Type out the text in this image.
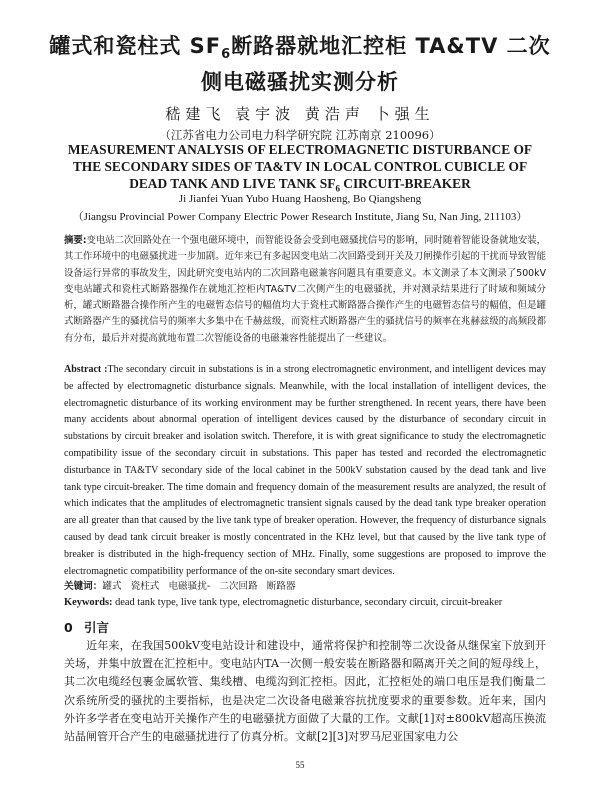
罐式和瓷柱式 $SF_6$断路器就地汇控柜 TA&TV 二次
侧电磁骚扰实测分析
嵇建飞 袁宇波 黄浩声 卜强生
（江苏省电力公司电力科学研究院 江苏南京 210096）
MEASUREMENT ANALYSIS OF ELECTROMAGNETIC DISTURBANCE OF
THE SECONDARY SIDES OF TA&TV IN LOCAL CONTROL CUBICLE OF
DEAD TANK AND LIVE TANK $SF_6$ CIRCUIT-BREAKER
Ji Jianfei Yuan Yubo Huang Haosheng, Bo Qiangsheng
（Jiangsu Provincial Power Company Electric Power Research Institute, Jiang Su, Nan Jing, 211103）
摘要:变电站二次回路处在一个强电磁环境中，而智能设备会受到电磁骚扰信号的影响，同时随着智能设备就地安装，其工作环境中的电磁骚扰进一步加剧。近年来已有多起因变电站二次回路受到开关及刀闸操作引起的干扰而导致智能设备运行异常的事故发生，因此研究变电站内的二次回路电磁兼容问题具有重要意义。本文测录了本文测录了500kV变电站罐式和瓷柱式断路器操作在就地汇控柜内TA&TV二次侧产生的电磁骚扰，并对测录结果进行了时域和频域分析，罐式断路器合操作所产生的电磁暂态信号的幅值均大于瓷柱式断路器合操作产生的电磁暂态信号的幅值，但是罐式断路器产生的骚扰信号的频率大多集中在千赫兹级，而瓷柱式断路器产生的骚扰信号的频率在兆赫兹级的高频段都有分布，最后并对提高就地布置二次智能设备的电磁兼容性能提出了一些建议。
Abstract :The secondary circuit in substations is in a strong electromagnetic environment, and intelligent devices may be affected by electromagnetic disturbance signals. Meanwhile, with the local installation of intelligent devices, the electromagnetic disturbance of its working environment may be further strengthened. In recent years, there have been many accidents about abnormal operation of intelligent devices caused by the disturbance of secondary circuit in substations by circuit breaker and isolation switch. Therefore, it is with great significance to study the electromagnetic compatibility issue of the secondary circuit in substations. This paper has tested and recorded the electromagnetic disturbance in TA&TV secondary side of the local cabinet in the 500kV substation caused by the dead tank and live tank type circuit-breaker. The time domain and frequency domain of the measurement results are analyzed, the result of which indicates that the amplitudes of electromagnetic transient signals caused by the dead tank type breaker operation are all greater than that caused by the live tank type of breaker operation. However, the frequency of disturbance signals caused by dead tank circuit breaker is mostly concentrated in the KHz level, but that caused by the live tank type of breaker is distributed in the high-frequency section of MHz. Finally, some suggestions are proposed to improve the electromagnetic compatibility performance of the on-site secondary smart devices.
关键词：罐式 瓷柱式 电磁骚扰- 二次回路 断路器
Keywords: dead tank type, live tank type, electromagnetic disturbance, secondary circuit, circuit-breaker
0 引言
近年来，在我国500kV变电站设计和建设中，通常将保护和控制等二次设备从继保室下放到开关场，并集中放置在汇控柜中。变电站内TA一次侧一般安装在断路器和隔离开关之间的短母线上，其二次电缆经包裹金属软管、集线槽、电缆沟到汇控柜。因此，汇控柜处的端口电压是我们衡量二次系统所受的骚扰的主要指标，也是决定二次设备电磁兼容抗扰度要求的重要参数。近年来，国内外许多学者在变电站开关操作产生的电磁骚扰方面做了大量的工作。文献[1]对±800kV超高压换流站晶闸管开合产生的电磁骚扰进行了仿真分析。文献[2][3]对罗马尼亚国家电力公
55
